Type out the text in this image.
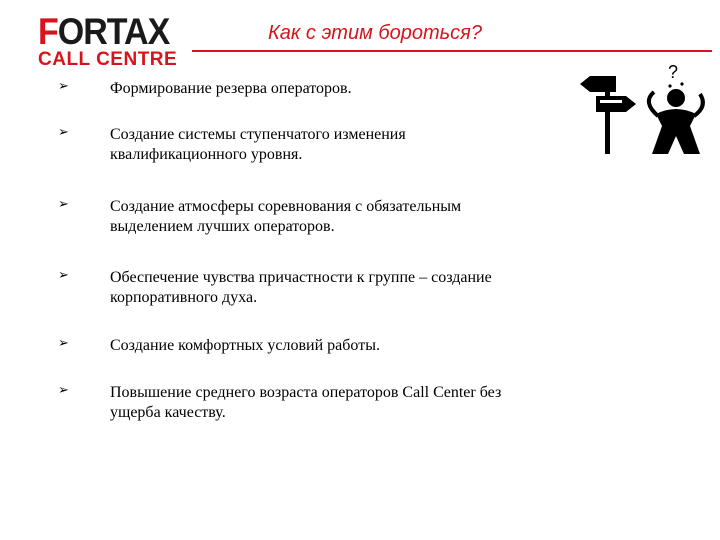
FORTAX
CALL CENTRE
Как с этим бороться?
➢	Формирование резерва операторов.
➢	Создание системы ступенчатого изменения
квалификационного уровня.
➢	Создание атмосферы соревнования с обязательным
выделением лучших операторов.
➢	Обеспечение чувства причастности к группе – создание
корпоративного духа.
➢	Создание комфортных условий работы.
➢	Повышение среднего возраста операторов Call Center без
ущерба качеству.
?
